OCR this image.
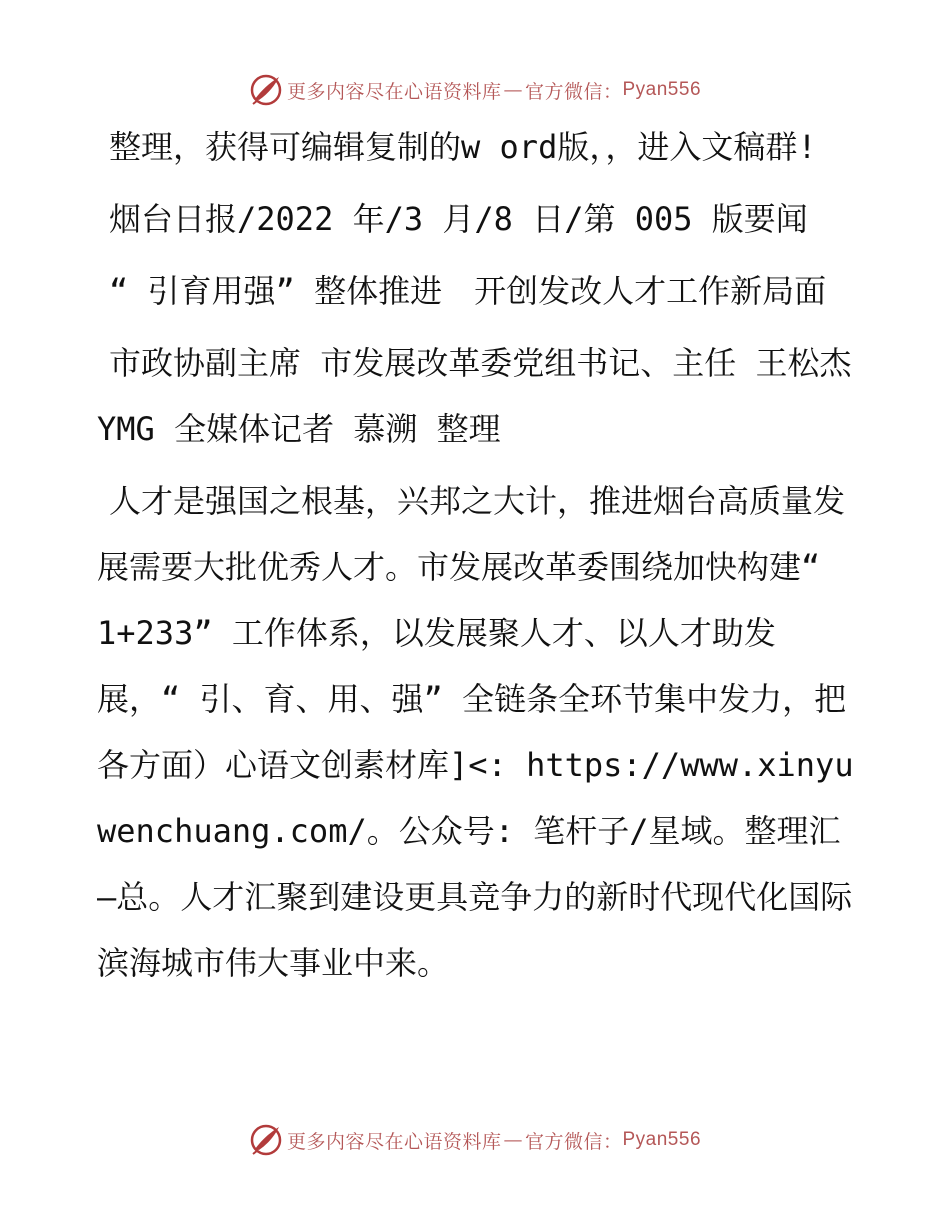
更多内容尽在心语资料库 — 官方微信： Pyan556

整理，获得可编辑复制的w ord版，，进入文稿群!

烟台日报/2022 年/3 月/8 日/第 005 版要闻

“ 引育用强” 整体推进　开创发改人才工作新局面

市政协副主席 市发展改革委党组书记、主任 王松杰 YMG 全媒体记者 慕溯 整理

人才是强国之根基，兴邦之大计，推进烟台高质量发展需要大批优秀人才。市发展改革委围绕加快构建“ 1+233” 工作体系，以发展聚人才、以人才助发展，“ 引、育、用、强” 全链条全环节集中发力，把各方面）心语文创素材库]<: https://www.xinyuwenchuang.com/。公众号: 笔杆子/星域。整理汇—总。人才汇聚到建设更具竞争力的新时代现代化国际滨海城市伟大事业中来。

更多内容尽在心语资料库 — 官方微信： Pyan556
